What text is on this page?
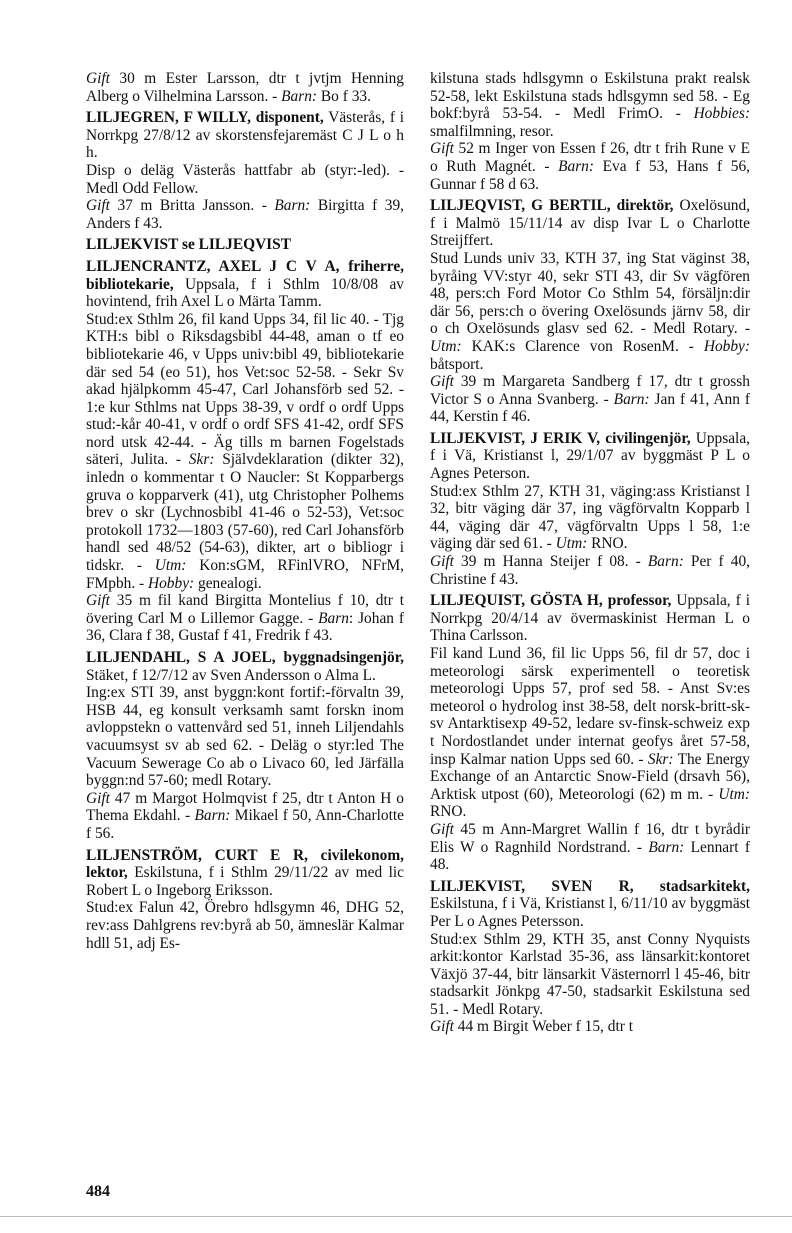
Gift 30 m Ester Larsson, dtr t jvtjm Henning Alberg o Vilhelmina Larsson. - Barn: Bo f 33.

LILJEGREN, F WILLY, disponent, Västerås, f i Norrkpg 27/8/12 av skorstensfejaremäst C J L o h h.

Disp o deläg Västerås hattfabr ab (styr:-led). - Medl Odd Fellow.

Gift 37 m Britta Jansson. - Barn: Birgitta f 39, Anders f 43.

LILJEKVIST se LILJEQVIST

LILJENCRANTZ, AXEL J C V A, friherre, bibliotekarie, Uppsala, f i Sthlm 10/8/08 av hovintend, frih Axel L o Märta Tamm.

Stud:ex Sthlm 26, fil kand Upps 34, fil lic 40. - Tjg KTH:s bibl o Riksdagsbibl 44-48, aman o tf eo bibliotekarie 46, v Upps univ:bibl 49, bibliotekarie där sed 54 (eo 51), hos Vet:soc 52-58. - Sekr Sv akad hjälpkomm 45-47, Carl Johansförb sed 52. - 1:e kur Sthlms nat Upps 38-39, v ordf o ordf Upps stud:-kår 40-41, v ordf o ordf SFS 41-42, ordf SFS nord utsk 42-44. - Äg tills m barnen Fogelstads säteri, Julita. - Skr: Självdeklaration (dikter 32), inledn o kommentar t O Naucler: St Kopparbergs gruva o kopparverk (41), utg Christopher Polhems brev o skr (Lychnosbibl 41-46 o 52-53), Vet:soc protokoll 1732—1803 (57-60), red Carl Johansförb handl sed 48/52 (54-63), dikter, art o bibliogr i tidskr. - Utm: Kon:sGM, RFinlVRO, NFrM, FMpbh. - Hobby: genealogi.

Gift 35 m fil kand Birgitta Montelius f 10, dtr t övering Carl M o Lillemor Gagge. - Barn: Johan f 36, Clara f 38, Gustaf f 41, Fredrik f 43.

LILJENDAHL, S A JOEL, byggnadsingenjör, Stäket, f 12/7/12 av Sven Andersson o Alma L.

Ing:ex STI 39, anst byggn:kont fortif:-förvaltn 39, HSB 44, eg konsult verksamh samt forskn inom avloppstekn o vattenvård sed 51, inneh Liljendahls vacuumsyst sv ab sed 62. - Deläg o styr:led The Vacuum Sewerage Co ab o Livaco 60, led Järfälla byggn:nd 57-60; medl Rotary.

Gift 47 m Margot Holmqvist f 25, dtr t Anton H o Thema Ekdahl. - Barn: Mikael f 50, Ann-Charlotte f 56.

LILJENSTRÖM, CURT E R, civilekonom, lektor, Eskilstuna, f i Sthlm 29/11/22 av med lic Robert L o Ingeborg Eriksson.

Stud:ex Falun 42, Örebro hdlsgymn 46, DHG 52, rev:ass Dahlgrens rev:byrå ab 50, ämneslär Kalmar hdll 51, adj Es-

kilstuna stads hdlsgymn o Eskilstuna prakt realsk 52-58, lekt Eskilstuna stads hdlsgymn sed 58. - Eg bokf:byrå 53-54. - Medl FrimO. - Hobbies: smalfilmning, resor.

Gift 52 m Inger von Essen f 26, dtr t frih Rune v E o Ruth Magnét. - Barn: Eva f 53, Hans f 56, Gunnar f 58 d 63.

LILJEQVIST, G BERTIL, direktör, Oxelösund, f i Malmö 15/11/14 av disp Ivar L o Charlotte Streijffert.

Stud Lunds univ 33, KTH 37, ing Stat väginst 38, byråing VV:styr 40, sekr STI 43, dir Sv vägfören 48, pers:ch Ford Motor Co Sthlm 54, försäljn:dir där 56, pers:ch o övering Oxelösunds järnv 58, dir o ch Oxelösunds glasv sed 62. - Medl Rotary. - Utm: KAK:s Clarence von RosenM. - Hobby: båtsport.

Gift 39 m Margareta Sandberg f 17, dtr t grossh Victor S o Anna Svanberg. - Barn: Jan f 41, Ann f 44, Kerstin f 46.

LILJEKVIST, J ERIK V, civilingenjör, Uppsala, f i Vä, Kristianst l, 29/1/07 av byggmäst P L o Agnes Peterson.

Stud:ex Sthlm 27, KTH 31, väging:ass Kristianst l 32, bitr väging där 37, ing vägförvaltn Kopparb l 44, väging där 47, vägförvaltn Upps l 58, 1:e väging där sed 61. - Utm: RNO.

Gift 39 m Hanna Steijer f 08. - Barn: Per f 40, Christine f 43.

LILJEQUIST, GÖSTA H, professor, Uppsala, f i Norrkpg 20/4/14 av övermaskinist Herman L o Thina Carlsson.

Fil kand Lund 36, fil lic Upps 56, fil dr 57, doc i meteorologi särsk experimentell o teoretisk meteorologi Upps 57, prof sed 58. - Anst Sv:es meteorol o hydrolog inst 38-58, delt norsk-britt-sk-sv Antarktisexp 49-52, ledare sv-finsk-schweiz exp t Nordostlandet under internat geofys året 57-58, insp Kalmar nation Upps sed 60. - Skr: The Energy Exchange of an Antarctic Snow-Field (drsavh 56), Arktisk utpost (60), Meteorologi (62) m m. - Utm: RNO.

Gift 45 m Ann-Margret Wallin f 16, dtr t byrådir Elis W o Ragnhild Nordstrand. - Barn: Lennart f 48.

LILJEKVIST, SVEN R, stadsarkitekt, Eskilstuna, f i Vä, Kristianst l, 6/11/10 av byggmäst Per L o Agnes Petersson.

Stud:ex Sthlm 29, KTH 35, anst Conny Nyquists arkit:kontor Karlstad 35-36, ass länsarkit:kontoret Växjö 37-44, bitr länsarkit Västernorrl l 45-46, bitr stadsarkit Jönkpg 47-50, stadsarkit Eskilstuna sed 51. - Medl Rotary.

Gift 44 m Birgit Weber f 15, dtr t

484
